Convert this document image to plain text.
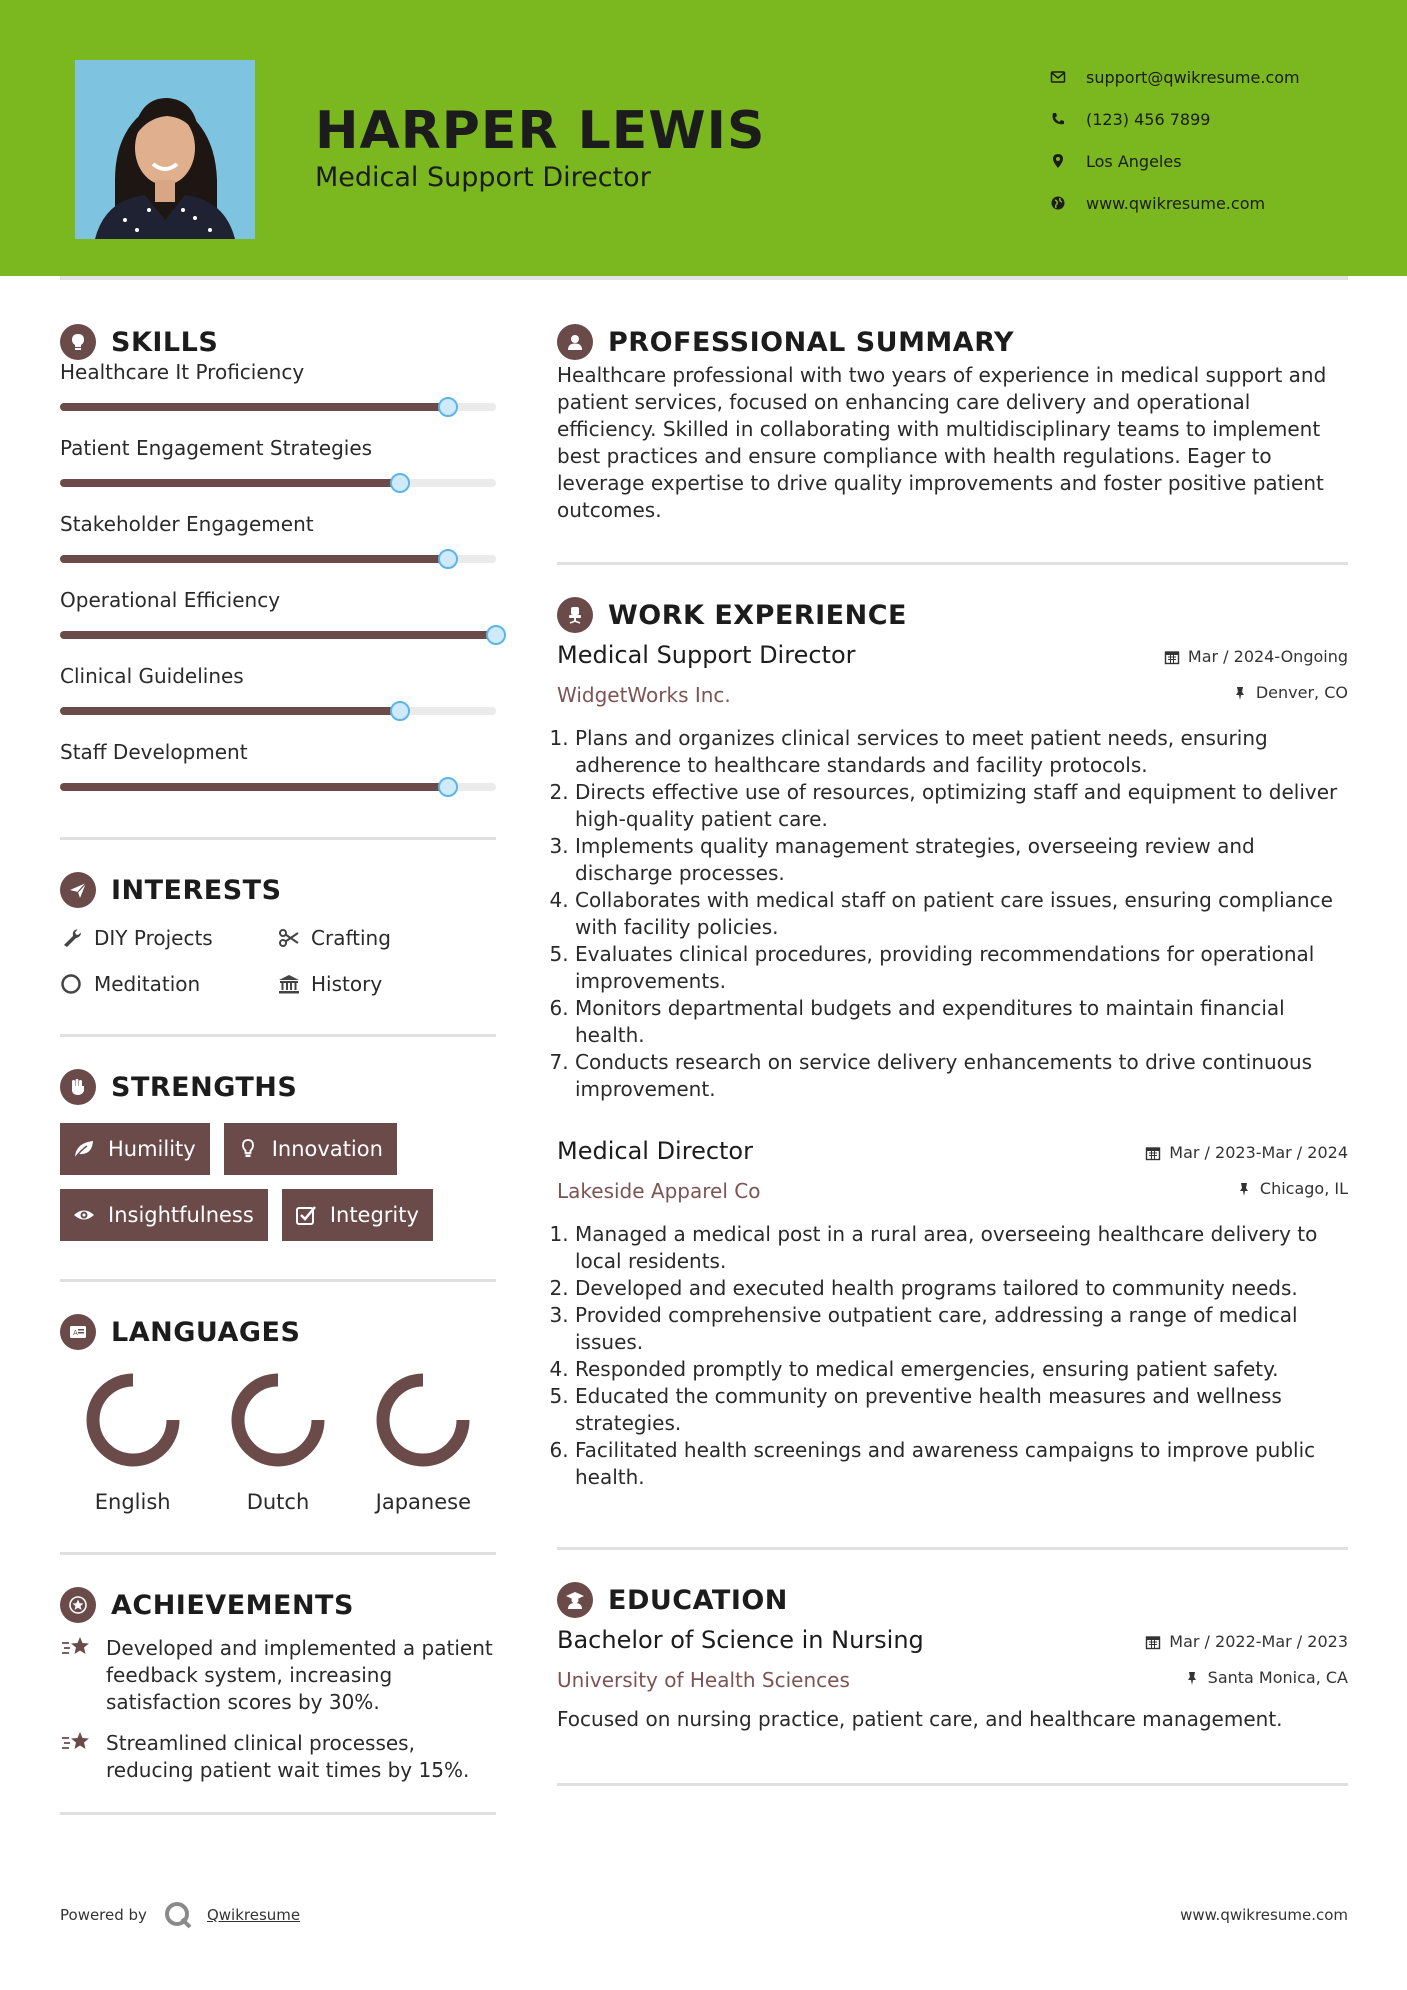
HARPER LEWIS
Medical Support Director
support@qwikresume.com
(123) 456 7899
Los Angeles
www.qwikresume.com
SKILLS
Healthcare It Proficiency
Patient Engagement Strategies
Stakeholder Engagement
Operational Efficiency
Clinical Guidelines
Staff Development
INTERESTS
DIY Projects	Crafting
Meditation	History
STRENGTHS
Humility	Innovation
Insightfulness	Integrity
A LANGUAGES
English	Dutch	Japanese
ACHIEVEMENTS
Developed and implemented a patient feedback system, increasing satisfaction scores by 30%.
Streamlined clinical processes, reducing patient wait times by 15%.
PROFESSIONAL SUMMARY
Healthcare professional with two years of experience in medical support and patient services, focused on enhancing care delivery and operational efficiency. Skilled in collaborating with multidisciplinary teams to implement best practices and ensure compliance with health regulations. Eager to leverage expertise to drive quality improvements and foster positive patient outcomes.
WORK EXPERIENCE
Medical Support Director
WidgetWorks Inc.
Mar / 2024-Ongoing
Denver, CO
1. Plans and organizes clinical services to meet patient needs, ensuring adherence to healthcare standards and facility protocols.
2. Directs effective use of resources, optimizing staff and equipment to deliver high-quality patient care.
3. Implements quality management strategies, overseeing review and discharge processes.
4. Collaborates with medical staff on patient care issues, ensuring compliance with facility policies.
5. Evaluates clinical procedures, providing recommendations for operational improvements.
6. Monitors departmental budgets and expenditures to maintain financial health.
7. Conducts research on service delivery enhancements to drive continuous improvement.
Medical Director
Lakeside Apparel Co
Mar / 2023-Mar / 2024
Chicago, IL
1. Managed a medical post in a rural area, overseeing healthcare delivery to local residents.
2. Developed and executed health programs tailored to community needs.
3. Provided comprehensive outpatient care, addressing a range of medical issues.
4. Responded promptly to medical emergencies, ensuring patient safety.
5. Educated the community on preventive health measures and wellness strategies.
6. Facilitated health screenings and awareness campaigns to improve public health.
EDUCATION
Bachelor of Science in Nursing
University of Health Sciences
Mar / 2022-Mar / 2023
Santa Monica, CA
Focused on nursing practice, patient care, and healthcare management.
Powered by	Qwikresume	www.qwikresume.com
